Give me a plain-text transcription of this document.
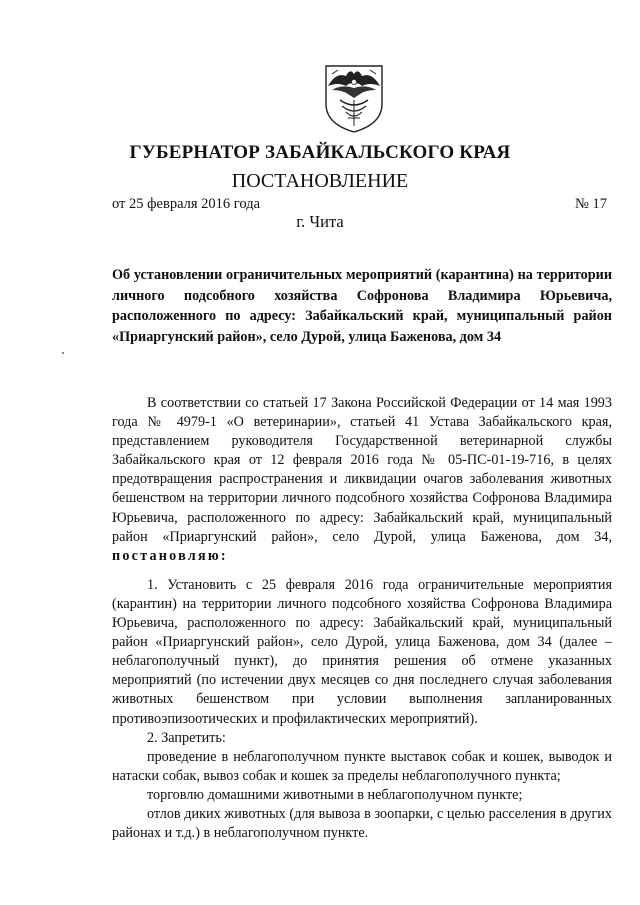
ГУБЕРНАТОР ЗАБАЙКАЛЬСКОГО КРАЯ
ПОСТАНОВЛЕНИЕ
от 25 февраля 2016 года	№ 17
г. Чита
Об установлении ограничительных мероприятий (карантина) на территории личного подсобного хозяйства Софронова Владимира Юрьевича, расположенного по адресу: Забайкальский край, муниципальный район «Приаргунский район», село Дурой, улица Баженова, дом 34

В соответствии со статьей 17 Закона Российской Федерации от 14 мая 1993 года № 4979-1 «О ветеринарии», статьей 41 Устава Забайкальского края, представлением руководителя Государственной ветеринарной службы Забайкальского края от 12 февраля 2016 года № 05-ПС-01-19-716, в целях предотвращения распространения и ликвидации очагов заболевания животных бешенством на территории личного подсобного хозяйства Софронова Владимира Юрьевича, расположенного по адресу: Забайкальский край, муниципальный район «Приаргунский район», село Дурой, улица Баженова, дом 34, постановляю:

1. Установить с 25 февраля 2016 года ограничительные мероприятия (карантин) на территории личного подсобного хозяйства Софронова Владимира Юрьевича, расположенного по адресу: Забайкальский край, муниципальный район «Приаргунский район», село Дурой, улица Баженова, дом 34 (далее – неблагополучный пункт), до принятия решения об отмене указанных мероприятий (по истечении двух месяцев со дня последнего случая заболевания животных бешенством при условии выполнения запланированных противоэпизоотических и профилактических мероприятий).

2. Запретить:

проведение в неблагополучном пункте выставок собак и кошек, выводок и натаски собак, вывоз собак и кошек за пределы неблагополучного пункта;

торговлю домашними животными в неблагополучном пункте;

отлов диких животных (для вывоза в зоопарки, с целью расселения в других районах и т.д.) в неблагополучном пункте.
